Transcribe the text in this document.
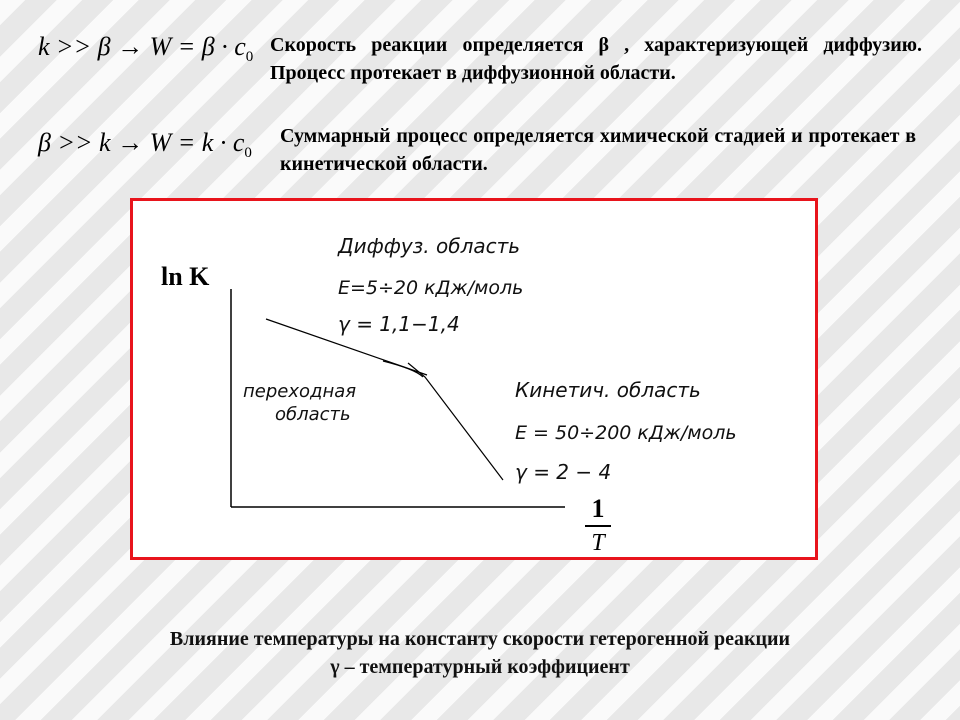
$k >> \beta \to W = \beta \cdot c_0$
Скорость реакции определяется β , характеризующей диффузию. Процесс протекает в диффузионной области.
$\beta >> k \to W = k \cdot c_0$
Суммарный процесс определяется химической стадией и протекает в кинетической области.
ln K
1
T
Диффуз. область
E=5÷20 кДж/моль
γ = 1,1−1,4
переходная
область
Кинетич. область
E = 50÷200 кДж/моль
γ = 2 − 4
Влияние температуры на константу скорости гетерогенной реакции
γ – температурный коэффициент
